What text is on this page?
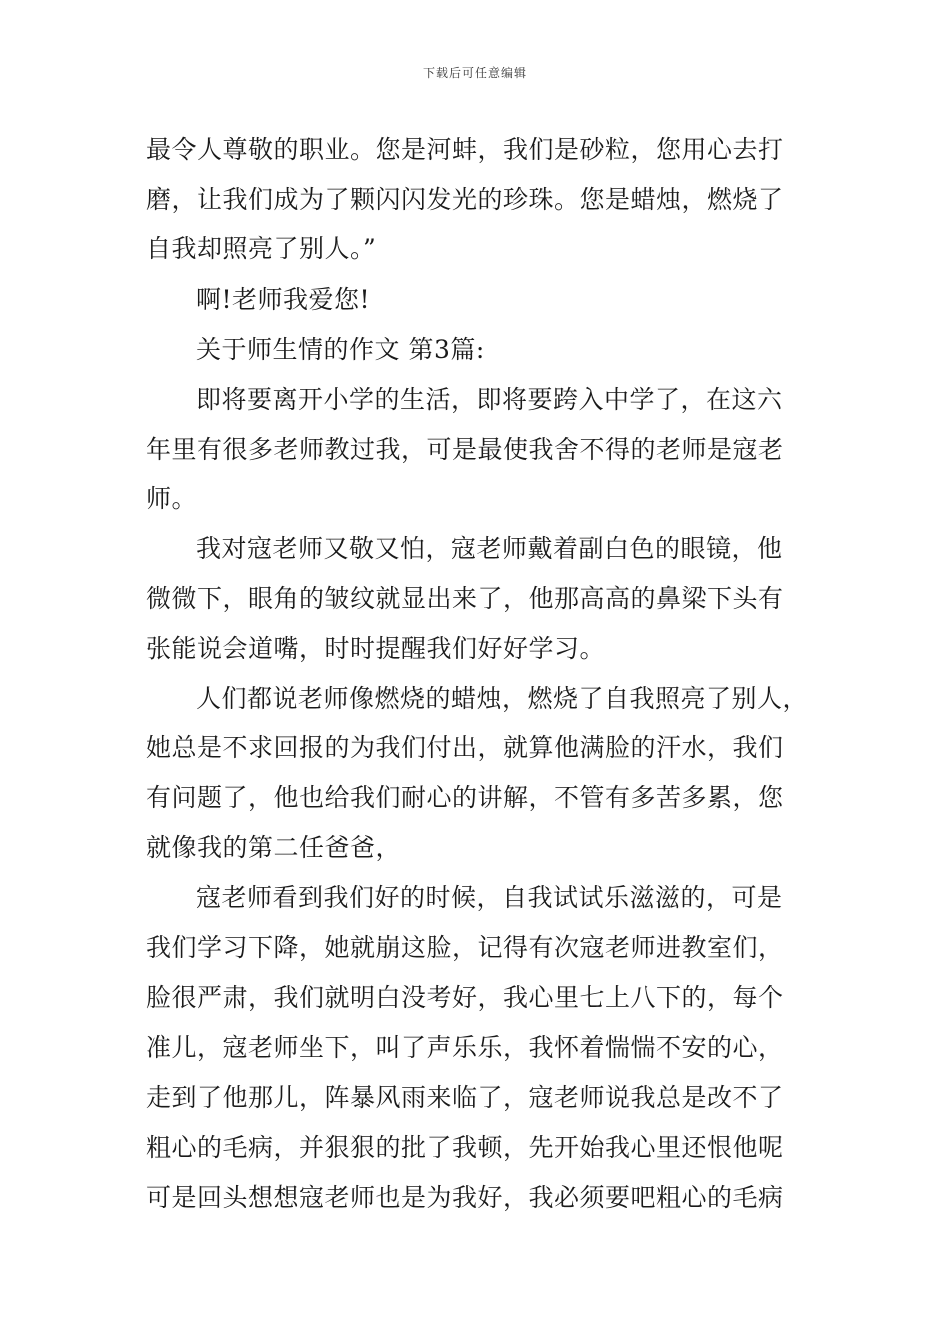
下载后可任意编辑
最令人尊敬的职业。您是河蚌，我们是砂粒，您用心去打
磨，让我们成为了颗闪闪发光的珍珠。您是蜡烛，燃烧了
自我却照亮了别人。”
啊!老师我爱您!
关于师生情的作文 第3篇:
即将要离开小学的生活，即将要跨入中学了，在这六
年里有很多老师教过我，可是最使我舍不得的老师是寇老
师。
我对寇老师又敬又怕，寇老师戴着副白色的眼镜，他
微微下，眼角的皱纹就显出来了，他那高高的鼻梁下头有
张能说会道嘴，时时提醒我们好好学习。
人们都说老师像燃烧的蜡烛，燃烧了自我照亮了别人，
她总是不求回报的为我们付出，就算他满脸的汗水，我们
有问题了，他也给我们耐心的讲解，不管有多苦多累，您
就像我的第二任爸爸，
寇老师看到我们好的时候，自我试试乐滋滋的，可是
我们学习下降，她就崩这脸，记得有次寇老师进教室们，
脸很严肃，我们就明白没考好，我心里七上八下的，每个
准儿，寇老师坐下，叫了声乐乐，我怀着惴惴不安的心，
走到了他那儿，阵暴风雨来临了，寇老师说我总是改不了
粗心的毛病，并狠狠的批了我顿，先开始我心里还恨他呢
可是回头想想寇老师也是为我好，我必须要吧粗心的毛病
